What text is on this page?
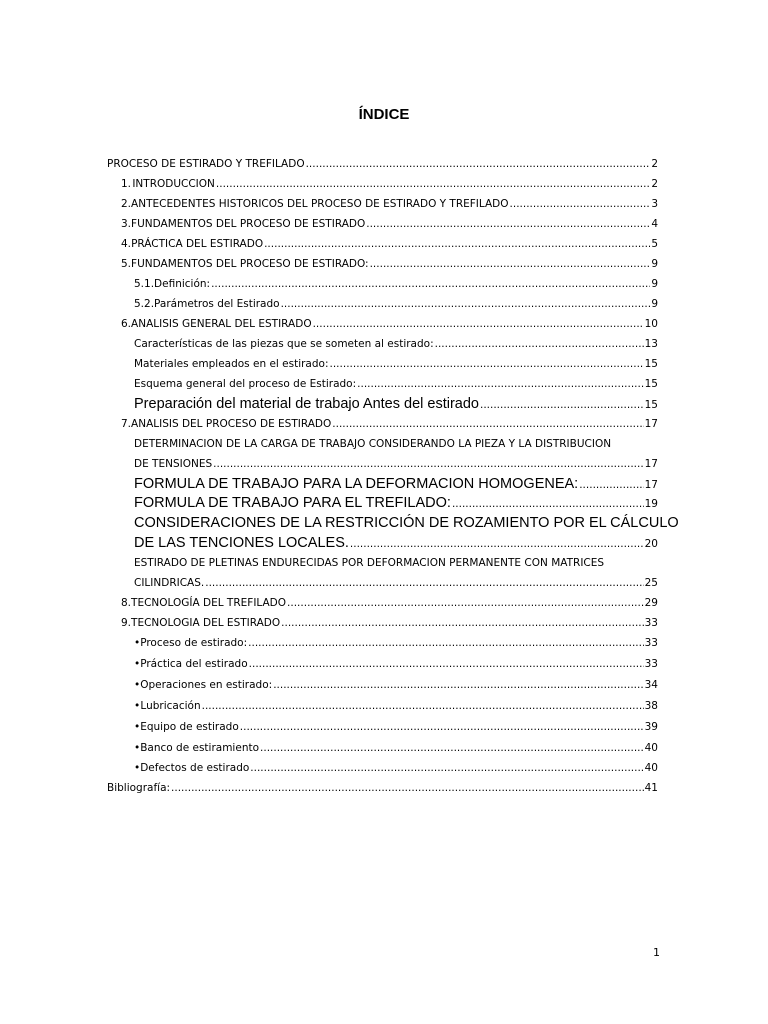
ÍNDICE
PROCESO DE ESTIRADO Y TREFILADO .....	2
1. INTRODUCCION .....	2
2. ANTECEDENTES HISTORICOS DEL PROCESO DE ESTIRADO Y TREFILADO .....	3
3. FUNDAMENTOS DEL PROCESO DE ESTIRADO .....	4
4. PRÁCTICA DEL ESTIRADO .....	5
5. FUNDAMENTOS DEL PROCESO DE ESTIRADO: .....	9
5.1. Definición: .....	9
5.2. Parámetros del Estirado .....	9
6. ANALISIS GENERAL DEL ESTIRADO .....	10
Características de las piezas que se someten al estirado: .....	13
Materiales empleados en el estirado: .....	15
Esquema general del proceso de Estirado: .....	15
Preparación del material de trabajo Antes del estirado .....	15
7. ANALISIS DEL PROCESO DE ESTIRADO .....	17
DETERMINACION DE LA CARGA DE TRABAJO CONSIDERANDO LA PIEZA Y LA DISTRIBUCION
DE TENSIONES .....	17
FORMULA DE TRABAJO PARA LA DEFORMACION HOMOGENEA: .....	17
FORMULA DE TRABAJO PARA EL TREFILADO: .....	19
CONSIDERACIONES DE LA RESTRICCIÓN DE ROZAMIENTO POR EL CÁLCULO
DE LAS TENCIONES LOCALES. .....	20
ESTIRADO DE PLETINAS ENDURECIDAS POR DEFORMACION PERMANENTE CON MATRICES
CILINDRICAS. .....	25
8. TECNOLOGÍA DEL TREFILADO .....	29
9. TECNOLOGIA DEL ESTIRADO .....	33
• Proceso de estirado: .....	33
• Práctica del estirado .....	33
• Operaciones en estirado: .....	34
• Lubricación .....	38
• Equipo de estirado .....	39
• Banco de estiramiento .....	40
• Defectos de estirado .....	40
Bibliografía: .....	41
1
